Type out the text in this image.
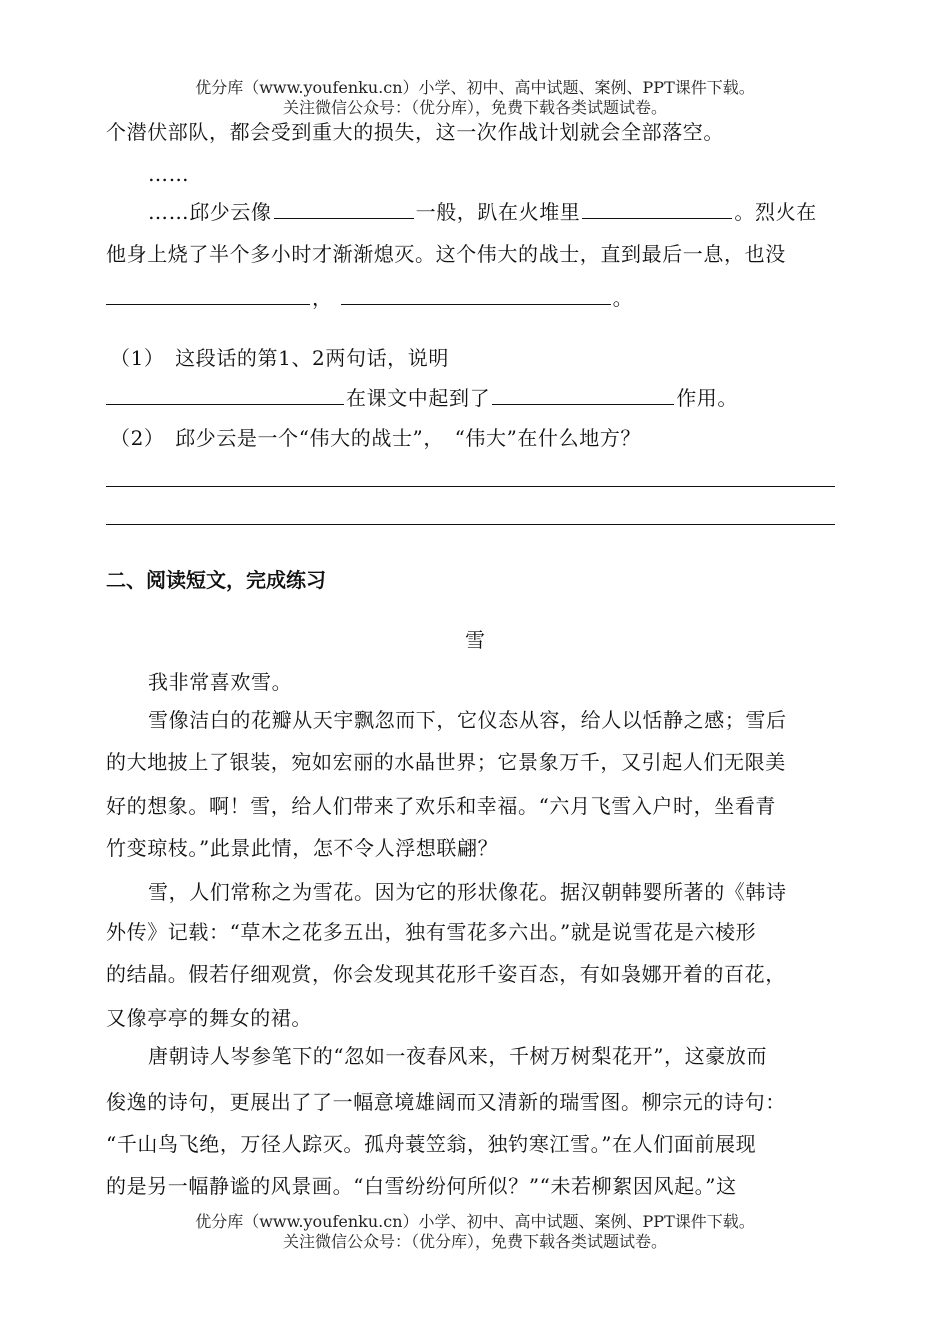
优分库（www.youfenku.cn）小学、初中、高中试题、案例、PPT课件下载。
关注微信公众号：（优分库），免费下载各类试题试卷。
个潜伏部队，都会受到重大的损失，这一次作战计划就会全部落空。
……
……邱少云像	一般，趴在火堆里	。烈火在
他身上烧了半个多小时才渐渐熄灭。这个伟大的战士，直到最后一息，也没
，	。
（1）　这段话的第1、2两句话，说明
在课文中起到了	作用。
（2）　邱少云是一个“伟大的战士”，　“伟大”在什么地方？
二、阅读短文，完成练习
雪
我非常喜欢雪。
雪像洁白的花瓣从天宇飘忽而下，它仪态从容，给人以恬静之感；雪后
的大地披上了银装，宛如宏丽的水晶世界；它景象万千，又引起人们无限美
好的想象。啊！雪，给人们带来了欢乐和幸福。“六月飞雪入户时，坐看青
竹变琼枝。”此景此情，怎不令人浮想联翩？
雪，人们常称之为雪花。因为它的形状像花。据汉朝韩婴所著的《韩诗
外传》记载：“草木之花多五出，独有雪花多六出。”就是说雪花是六棱形
的结晶。假若仔细观赏，你会发现其花形千姿百态，有如袅娜开着的百花，
又像亭亭的舞女的裙。
唐朝诗人岑参笔下的“忽如一夜春风来，千树万树梨花开”，这豪放而
俊逸的诗句，更展出了了一幅意境雄阔而又清新的瑞雪图。柳宗元的诗句：
“千山鸟飞绝，万径人踪灭。孤舟蓑笠翁，独钓寒江雪。”在人们面前展现
的是另一幅静谧的风景画。“白雪纷纷何所似？”“未若柳絮因风起。”这
优分库（www.youfenku.cn）小学、初中、高中试题、案例、PPT课件下载。
关注微信公众号：（优分库），免费下载各类试题试卷。
